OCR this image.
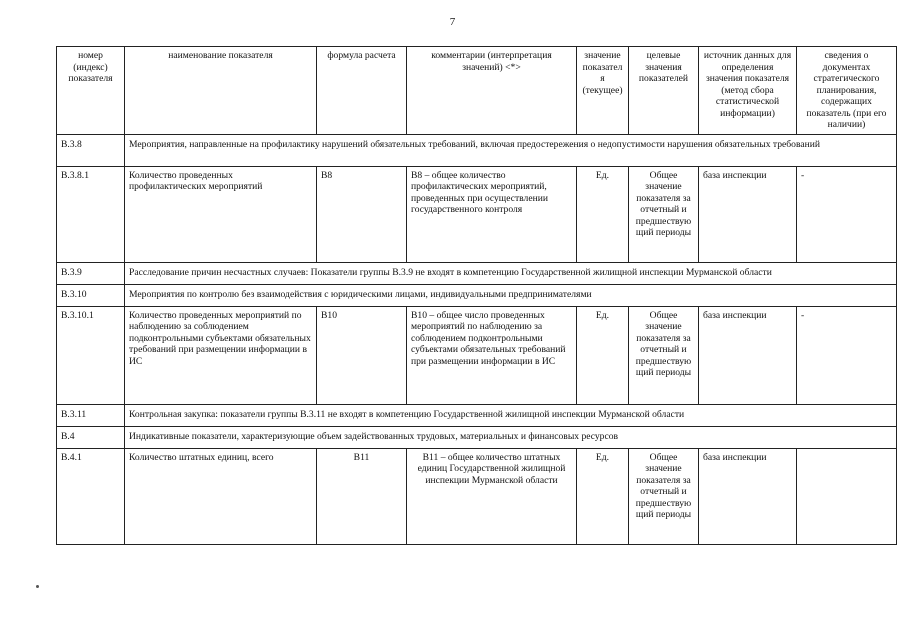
7
номер (индекс) показателя	наименование показателя	формула расчета	комментарии (интерпретация значений) <*>	значение показателя (текущее)	целевые значения показателей	источник данных для определения значения показателя (метод сбора статистической информации)	сведения о документах стратегического планирования, содержащих показатель (при его наличии)
В.3.8	Мероприятия, направленные на профилактику нарушений обязательных требований, включая предостережения о недопустимости нарушения обязательных требований						
В.3.8.1	Количество проведенных профилактических мероприятий	В8	В8 – общее количество профилактических мероприятий, проведенных при осуществлении государственного контроля	Ед.	Общее значение показателя за отчетный и предшествующий периоды	база инспекции	-
В.3.9	Расследование причин несчастных случаев: Показатели группы В.3.9 не входят в компетенцию Государственной жилищной инспекции Мурманской области						
В.3.10	Мероприятия по контролю без взаимодействия с юридическими лицами, индивидуальными предпринимателями						
В.3.10.1	Количество проведенных мероприятий по наблюдению за соблюдением подконтрольными субъектами обязательных требований при размещении информации в ИС	В10	В10 – общее число проведенных мероприятий по наблюдению за соблюдением подконтрольными субъектами обязательных требований при размещении информации в ИС	Ед.	Общее значение показателя за отчетный и предшествующий периоды	база инспекции	-
В.3.11	Контрольная закупка: показатели группы В.3.11 не входят в компетенцию Государственной жилищной инспекции Мурманской области						
В.4	Индикативные показатели, характеризующие объем задействованных трудовых, материальных и финансовых ресурсов						
В.4.1	Количество штатных единиц, всего	В11	В11 – общее количество штатных единиц Государственной жилищной инспекции Мурманской области	Ед.	Общее значение показателя за отчетный и предшествующий периоды	база инспекции	
